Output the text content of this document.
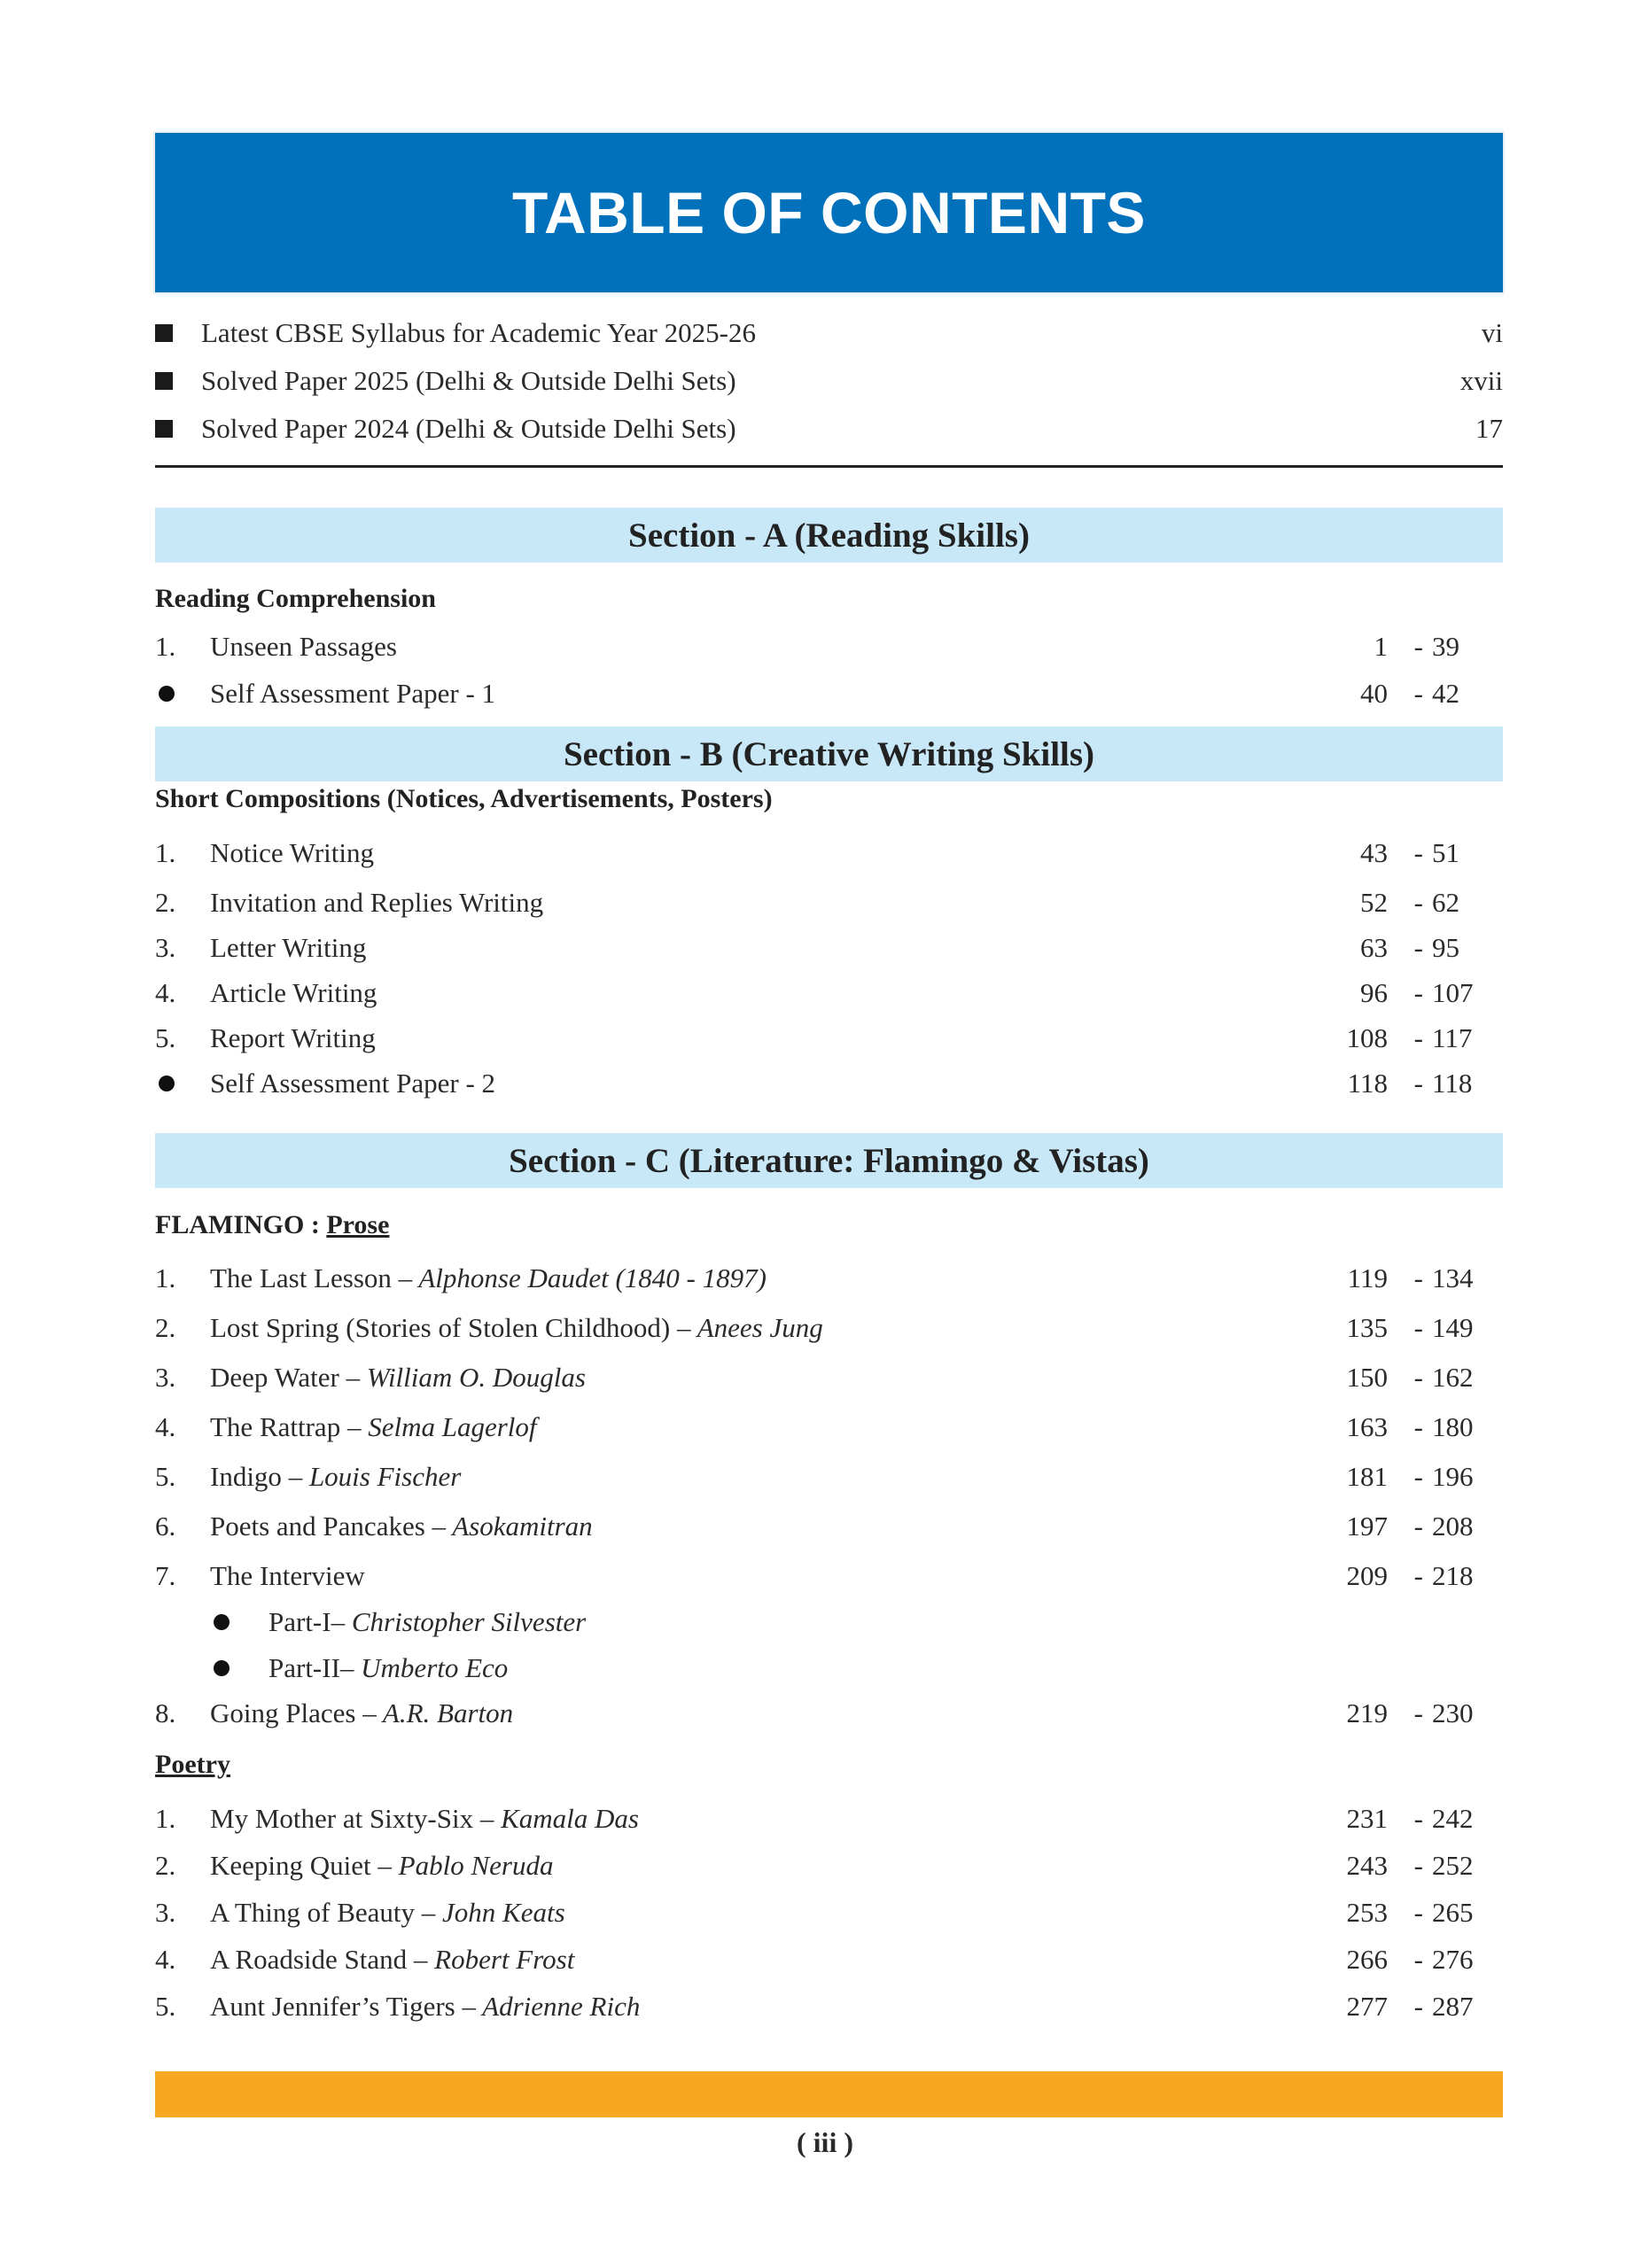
TABLE OF CONTENTS
Latest CBSE Syllabus for Academic Year 2025-26	vi
Solved Paper 2025 (Delhi & Outside Delhi Sets)	xvii
Solved Paper 2024 (Delhi & Outside Delhi Sets)	17
Section - A (Reading Skills)
Reading Comprehension
1. Unseen Passages	1 - 39
Self Assessment Paper - 1	40 - 42
Section - B (Creative Writing Skills)
Short Compositions (Notices, Advertisements, Posters)
1. Notice Writing	43 - 51
2. Invitation and Replies Writing	52 - 62
3. Letter Writing	63 - 95
4. Article Writing	96 - 107
5. Report Writing	108 - 117
Self Assessment Paper - 2	118 - 118
Section - C (Literature: Flamingo & Vistas)
FLAMINGO : Prose
1. The Last Lesson – Alphonse Daudet (1840 - 1897)	119 - 134
2. Lost Spring (Stories of Stolen Childhood) – Anees Jung	135 - 149
3. Deep Water – William O. Douglas	150 - 162
4. The Rattrap – Selma Lagerlof	163 - 180
5. Indigo – Louis Fischer	181 - 196
6. Poets and Pancakes – Asokamitran	197 - 208
7. The Interview	209 - 218
Part-I– Christopher Silvester
Part-II– Umberto Eco
8. Going Places – A.R. Barton	219 - 230
Poetry
1. My Mother at Sixty-Six – Kamala Das	231 - 242
2. Keeping Quiet – Pablo Neruda	243 - 252
3. A Thing of Beauty – John Keats	253 - 265
4. A Roadside Stand – Robert Frost	266 - 276
5. Aunt Jennifer’s Tigers – Adrienne Rich	277 - 287
( iii )
